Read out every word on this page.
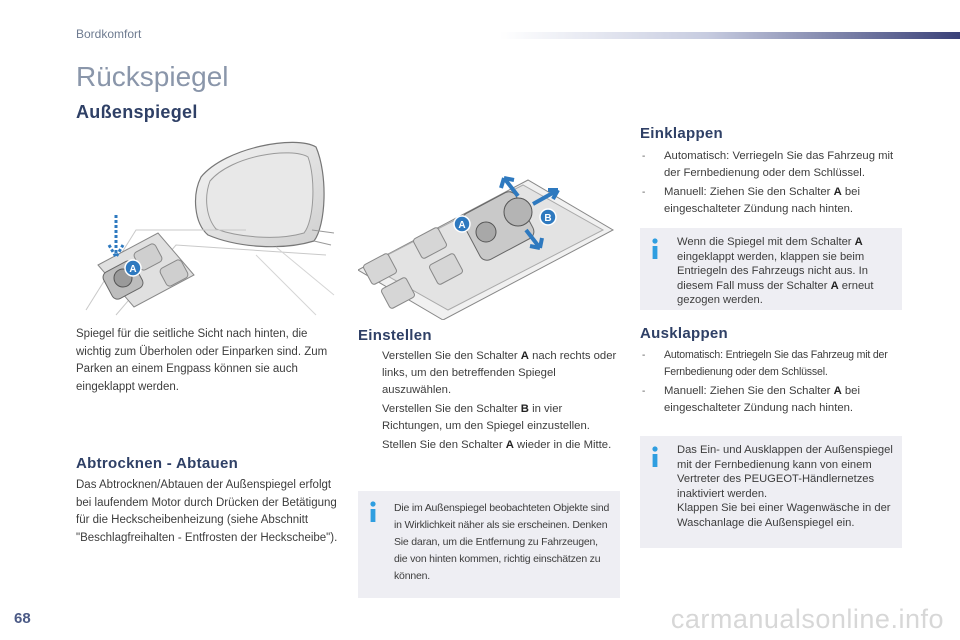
Bordkomfort
Rückspiegel
Außenspiegel
A
A
B
Spiegel für die seitliche Sicht nach hinten, die wichtig zum Überholen oder Einparken sind. Zum Parken an einem Engpass können sie auch eingeklappt werden.
Abtrocknen - Abtauen
Das Abtrocknen/Abtauen der Außenspiegel erfolgt bei laufendem Motor durch Drücken der Betätigung für die Heckscheibenheizung (siehe Abschnitt "Beschlagfreihalten - Entfrosten der Heckscheibe").
Einstellen
Verstellen Sie den Schalter A nach rechts oder links, um den betreffenden Spiegel auszuwählen.
Verstellen Sie den Schalter B in vier Richtungen, um den Spiegel einzustellen.
Stellen Sie den Schalter A wieder in die Mitte.
Die im Außenspiegel beobachteten Objekte sind in Wirklichkeit näher als sie erscheinen. Denken Sie daran, um die Entfernung zu Fahrzeugen, die von hinten kommen, richtig einschätzen zu können.
Einklappen
- Automatisch: Verriegeln Sie das Fahrzeug mit der Fernbedienung oder dem Schlüssel.
- Manuell: Ziehen Sie den Schalter A bei eingeschalteter Zündung nach hinten.
Wenn die Spiegel mit dem Schalter A eingeklappt werden, klappen sie beim Entriegeln des Fahrzeugs nicht aus. In diesem Fall muss der Schalter A erneut gezogen werden.
Ausklappen
- Automatisch: Entriegeln Sie das Fahrzeug mit der Fernbedienung oder dem Schlüssel.
- Manuell: Ziehen Sie den Schalter A bei eingeschalteter Zündung nach hinten.
Das Ein- und Ausklappen der Außenspiegel mit der Fernbedienung kann von einem Vertreter des PEUGEOT-Händlernetzes inaktiviert werden.
Klappen Sie bei einer Wagenwäsche in der Waschanlage die Außenspiegel ein.
68	carmanualsonline.info
